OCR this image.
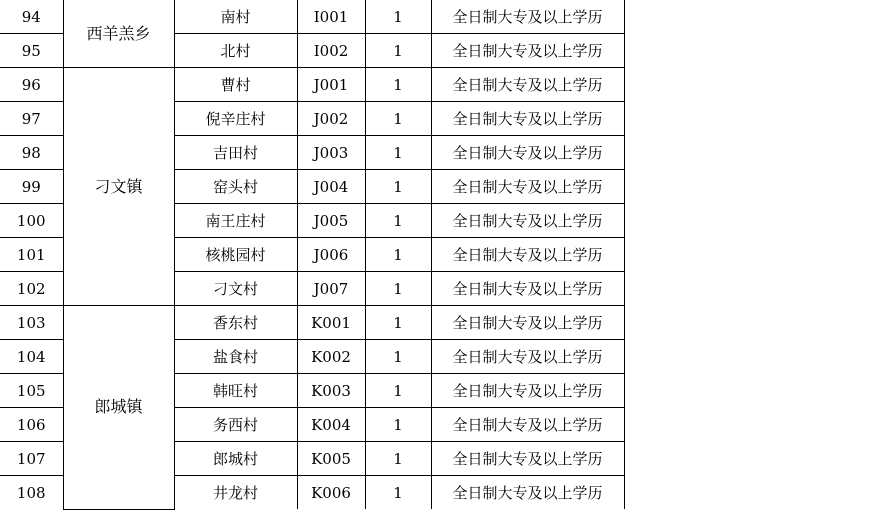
94	西羊羔乡	南村	I001	1	全日制大专及以上学历
95		北村	I002	1	全日制大专及以上学历
96	刁文镇	曹村	J001	1	全日制大专及以上学历
97		倪辛庄村	J002	1	全日制大专及以上学历
98		吉田村	J003	1	全日制大专及以上学历
99		窑头村	J004	1	全日制大专及以上学历
100		南王庄村	J005	1	全日制大专及以上学历
101		核桃园村	J006	1	全日制大专及以上学历
102		刁文村	J007	1	全日制大专及以上学历
103	郎城镇	香东村	K001	1	全日制大专及以上学历
104		盐食村	K002	1	全日制大专及以上学历
105		韩旺村	K003	1	全日制大专及以上学历
106		务西村	K004	1	全日制大专及以上学历
107		郎城村	K005	1	全日制大专及以上学历
108		井龙村	K006	1	全日制大专及以上学历
